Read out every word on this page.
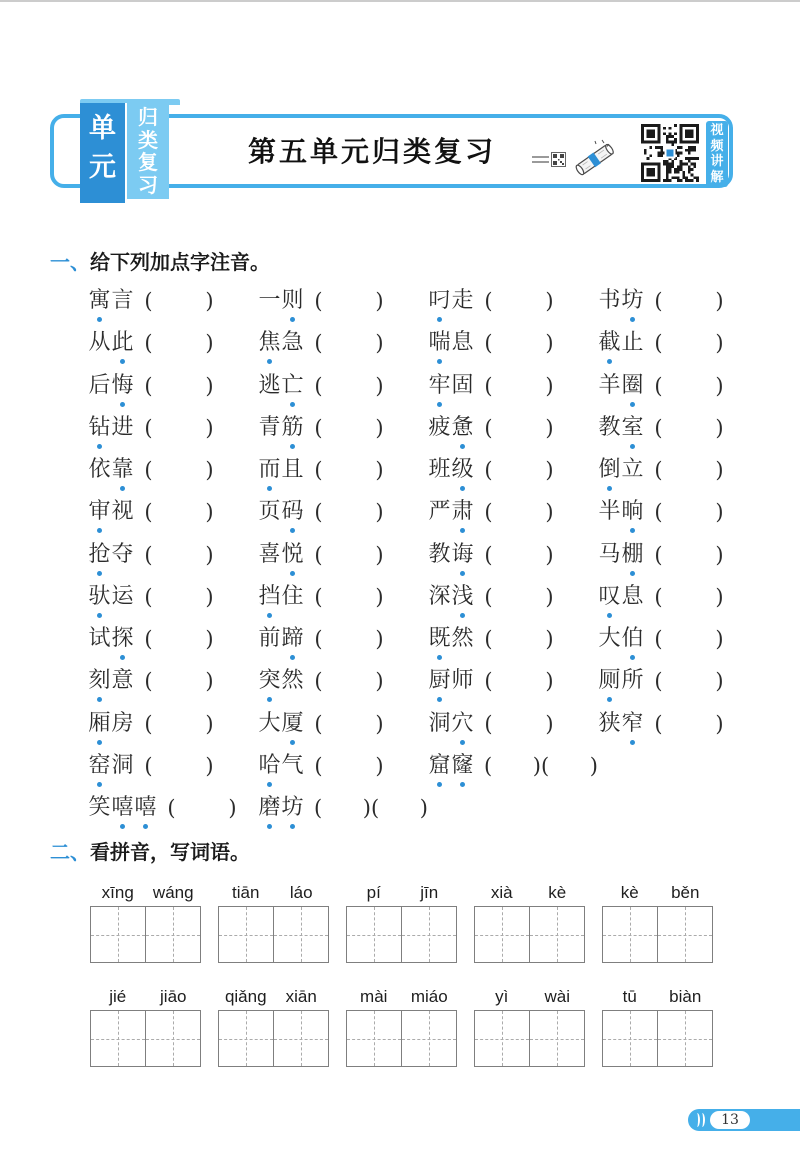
单元
归类复习
第五单元归类复习
视频讲解
一、给下列加点字注音。
寓 言 (	) 一 则 (	) 叼 走 (	) 书 坊 (	)
从 此 (	) 焦 急 (	) 喘 息 (	) 截 止 (	)
后 悔 (	) 逃 亡 (	) 牢 固 (	) 羊 圈 (	)
钻 进 (	) 青 筋 (	) 疲 惫 (	) 教 室 (	)
依 靠 (	) 而 且 (	) 班 级 (	) 倒 立 (	)
审 视 (	) 页 码 (	) 严 肃 (	) 半 晌 (	)
抢 夺 (	) 喜 悦 (	) 教 诲 (	) 马 棚 (	)
驮 运 (	) 挡 住 (	) 深 浅 (	) 叹 息 (	)
试 探 (	) 前 蹄 (	) 既 然 (	) 大 伯 (	)
刻 意 (	) 突 然 (	) 厨 师 (	) 厕 所 (	)
厢 房 (	) 大 厦 (	) 洞 穴 (	) 狭 窄 (	)
窑 洞 (	) 哈 气 (	) 窟 窿 ( ) ( )
笑 嘻 嘻 (	) 磨 坊 ( ) ( )
二、看拼音，写词语。
xīng	wáng	tiān	láo	pí	jīn	xià	kè	kè	běn
jié	jiāo	qiǎng	xiān	mài	miáo	yì	wài	tū	biàn
13
